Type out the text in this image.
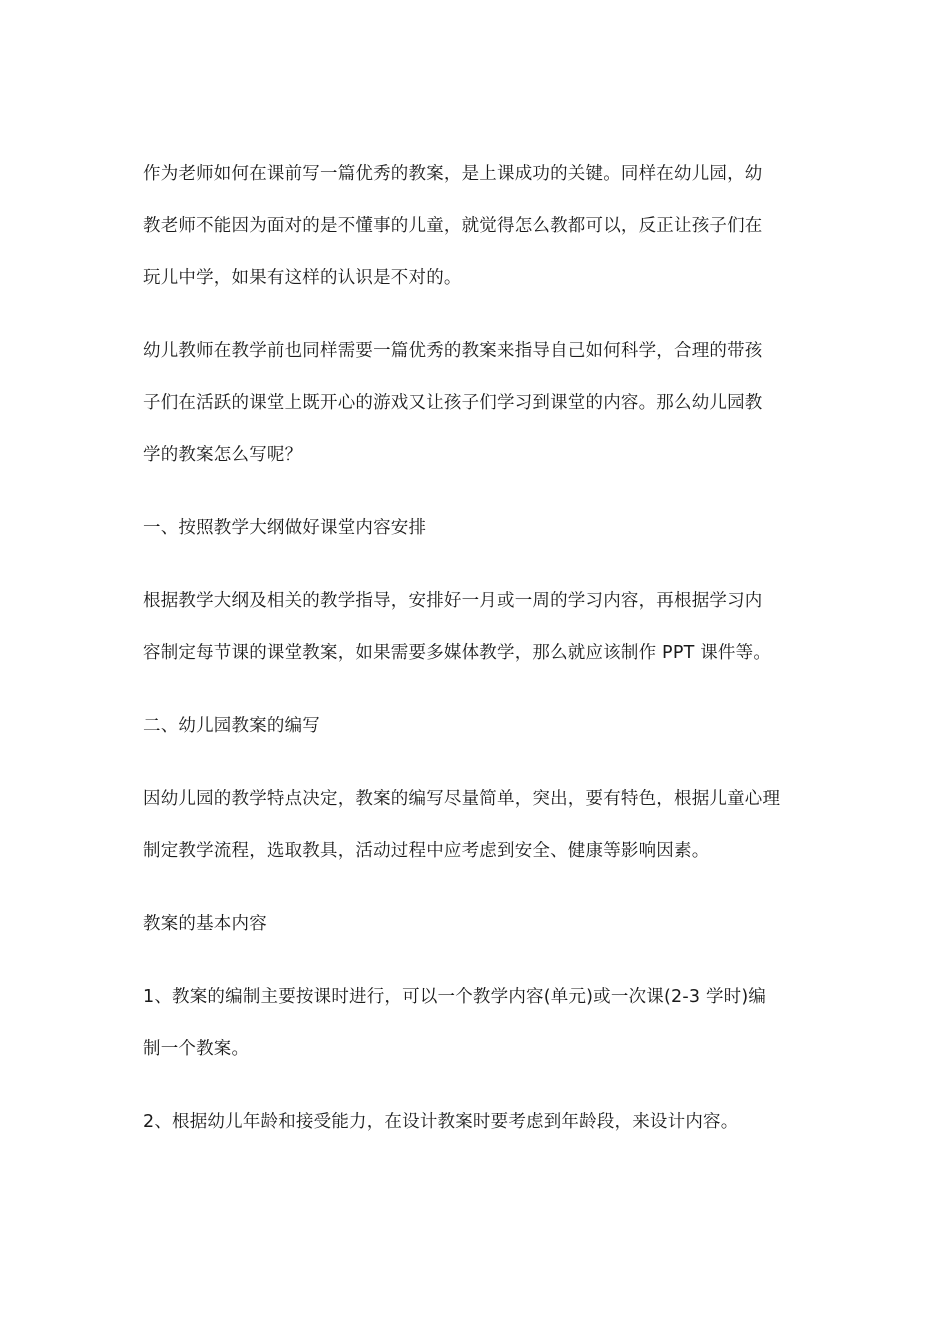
作为老师如何在课前写一篇优秀的教案，是上课成功的关键。同样在幼儿园，幼
教老师不能因为面对的是不懂事的儿童，就觉得怎么教都可以，反正让孩子们在
玩儿中学，如果有这样的认识是不对的。
幼儿教师在教学前也同样需要一篇优秀的教案来指导自己如何科学，合理的带孩
子们在活跃的课堂上既开心的游戏又让孩子们学习到课堂的内容。那么幼儿园教
学的教案怎么写呢？
一、按照教学大纲做好课堂内容安排
根据教学大纲及相关的教学指导，安排好一月或一周的学习内容，再根据学习内
容制定每节课的课堂教案，如果需要多媒体教学，那么就应该制作 PPT 课件等。
二、幼儿园教案的编写
因幼儿园的教学特点决定，教案的编写尽量简单，突出，要有特色，根据儿童心理
制定教学流程，选取教具，活动过程中应考虑到安全、健康等影响因素。
教案的基本内容
1、教案的编制主要按课时进行，可以一个教学内容(单元)或一次课(2-3 学时)编
制一个教案。
2、根据幼儿年龄和接受能力，在设计教案时要考虑到年龄段，来设计内容。
